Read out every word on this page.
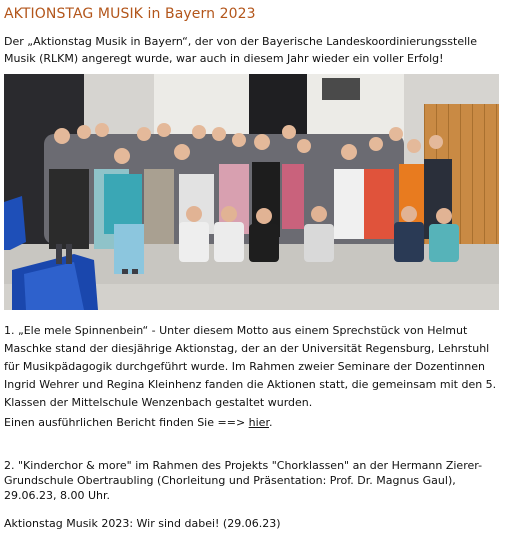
AKTIONSTAG MUSIK in Bayern 2023
Der „Aktionstag Musik in Bayern“, der von der Bayerische Landeskoordinierungsstelle Musik (RLKM) angeregt wurde, war auch in diesem Jahr wieder ein voller Erfolg!
1. „Ele mele Spinnenbein“ - Unter diesem Motto aus einem Sprechstück von Helmut Maschke stand der diesjährige Aktionstag, der an der Universität Regensburg, Lehrstuhl für Musikpädagogik durchgeführt wurde. Im Rahmen zweier Seminare der Dozentinnen Ingrid Wehrer und Regina Kleinhenz fanden die Aktionen statt, die gemeinsam mit den 5. Klassen der Mittelschule Wenzenbach gestaltet wurden.
Einen ausführlichen Bericht finden Sie ==> hier.
2. "Kinderchor & more" im Rahmen des Projekts "Chorklassen" an der Hermann Zierer-Grundschule Obertraubling (Chorleitung und Präsentation: Prof. Dr. Magnus Gaul), 29.06.23, 8.00 Uhr.
Aktionstag Musik 2023: Wir sind dabei! (29.06.23)
